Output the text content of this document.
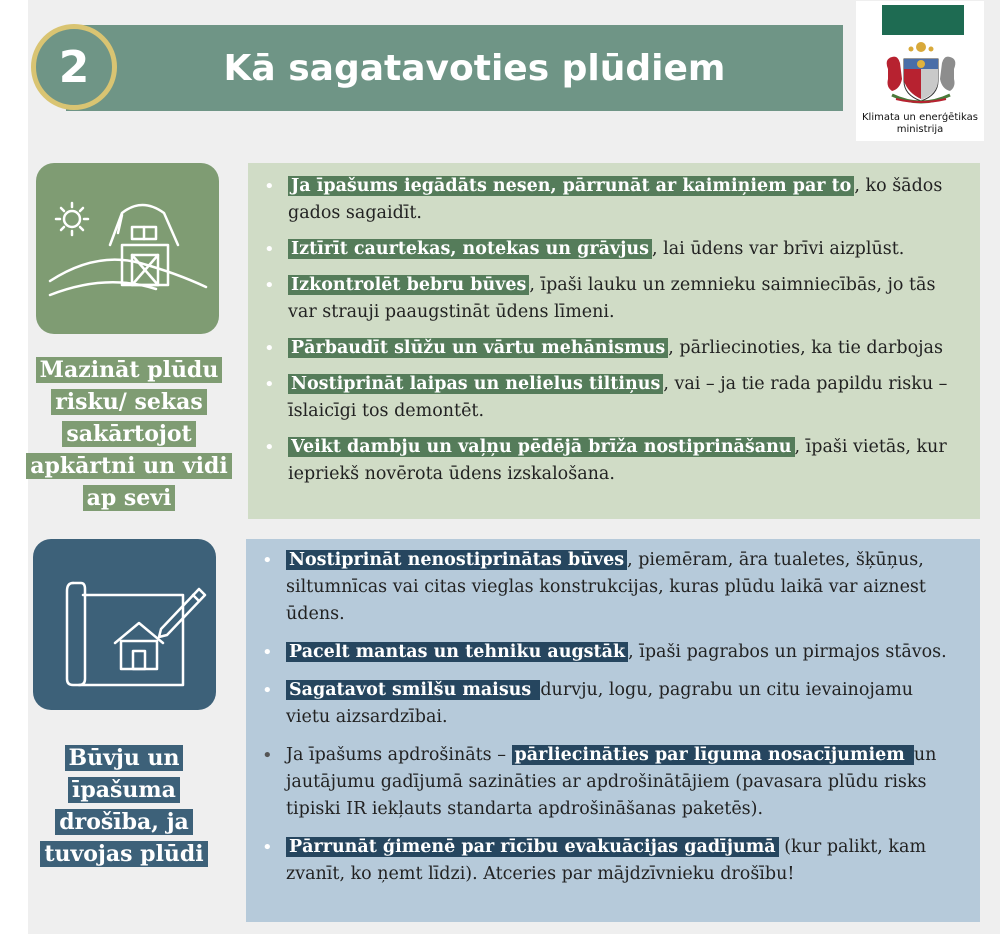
Kā sagatavoties plūdiem
2
Klimata un enerģētikas ministrija
Mazināt plūdu risku/ sekas sakārtojot apkārtni un vidi ap sevi
• Ja īpašums iegādāts nesen, pārrunāt ar kaimiņiem par to , ko šādos gados sagaidīt.
• Iztīrīt caurtekas, notekas un grāvjus , lai ūdens var brīvi aizplūst.
• Izkontrolēt bebru būves , īpaši lauku un zemnieku saimniecībās, jo tās var strauji paaugstināt ūdens līmeni.
• Pārbaudīt slūžu un vārtu mehānismus , pārliecinoties, ka tie darbojas
• Nostiprināt laipas un nelielus tiltiņus , vai – ja tie rada papildu risku – īslaicīgi tos demontēt.
• Veikt dambju un vaļņu pēdējā brīža nostiprināšanu , īpaši vietās, kur iepriekš novērota ūdens izskalošana.
Būvju un īpašuma drošība, ja tuvojas plūdi
• Nostiprināt nenostiprinātas būves , piemēram, āra tualetes, šķūņus, siltumnīcas vai citas vieglas konstrukcijas, kuras plūdu laikā var aiznest ūdens.
• Pacelt mantas un tehniku augstāk , īpaši pagrabos un pirmajos stāvos.
• Sagatavot smilšu maisus durvju, logu, pagrabu un citu ievainojamu vietu aizsardzībai.
• Ja īpašums apdrošināts – pārliecināties par līguma nosacījumiem un jautājumu gadījumā sazināties ar apdrošinātājiem (pavasara plūdu risks tipiski IR iekļauts standarta apdrošināšanas paketēs).
• Pārrunāt ģimenē par rīcību evakuācijas gadījumā (kur palikt, kam zvanīt, ko ņemt līdzi). Atceries par mājdzīvnieku drošību!
